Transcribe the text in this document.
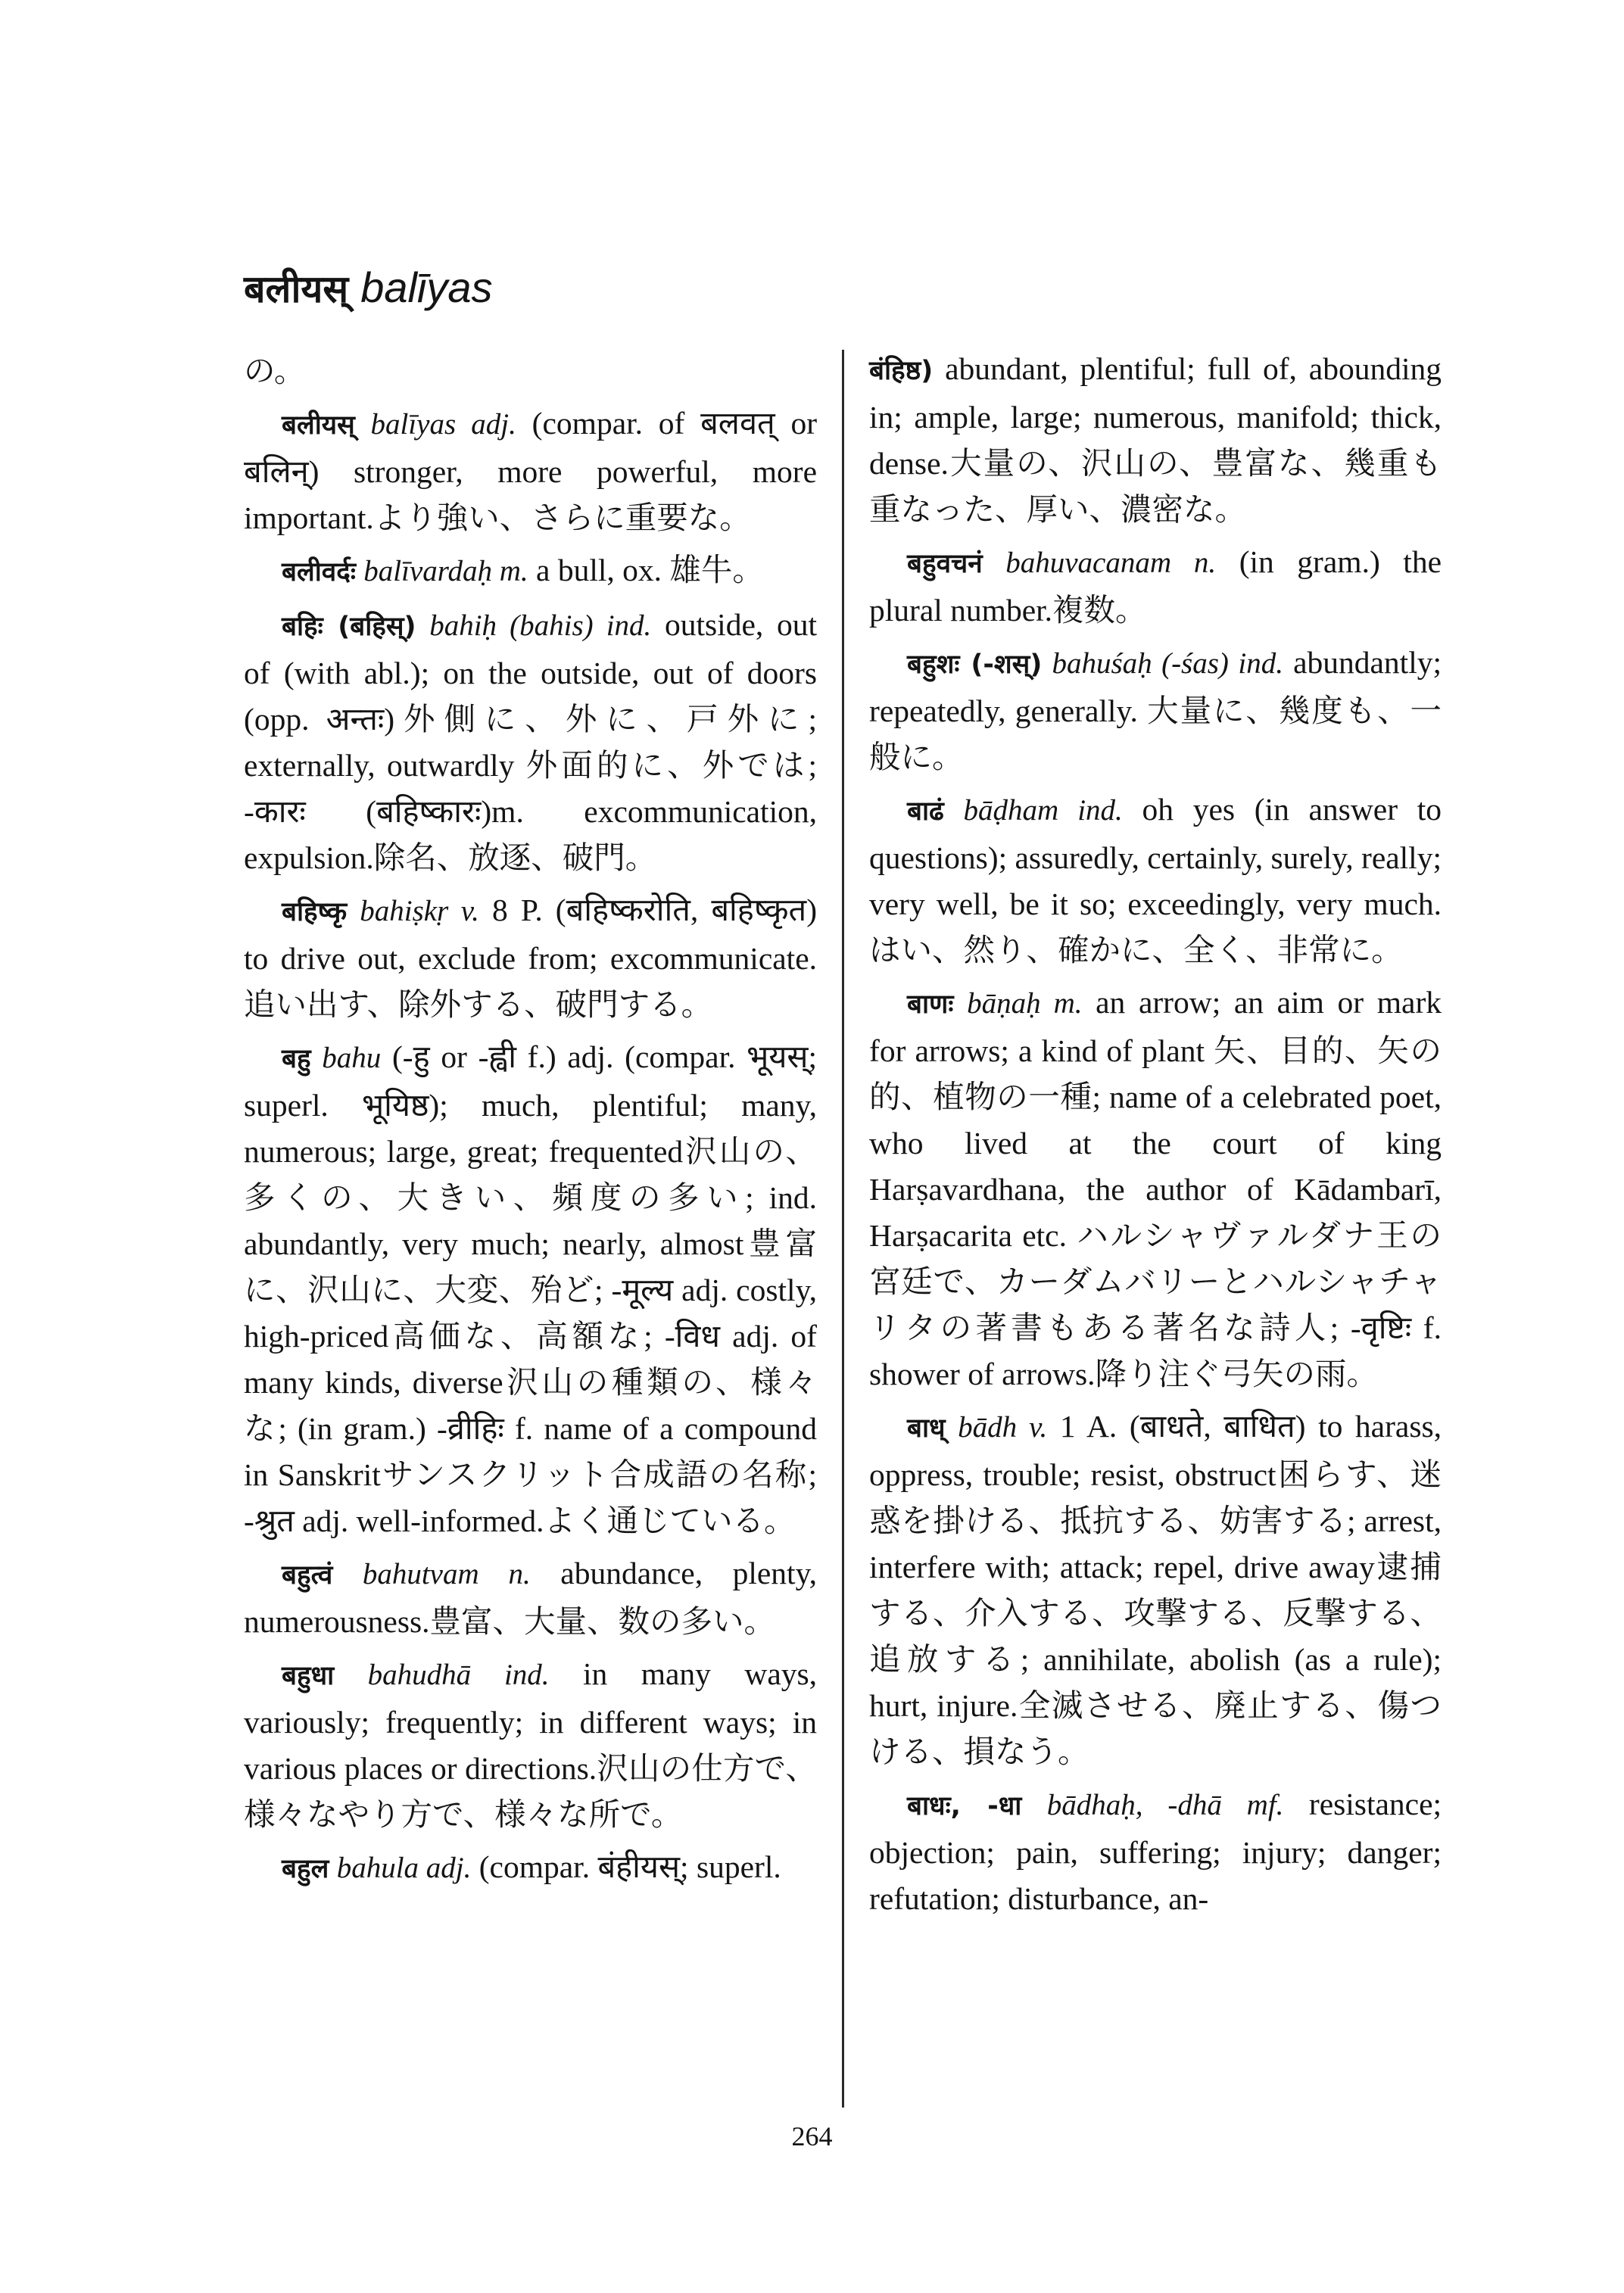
बलीयस् balīyas

の。

बलीयस् balīyas adj. (compar. of बलवत् or बलिन्) stronger, more powerful, more important.より強い、さらに重要な。

बलीवर्दः balīvardaḥ m. a bull, ox. 雄牛。

बहिः (बहिस्) bahiḥ (bahis) ind. outside, out of (with abl.); on the outside, out of doors (opp. अन्तः)外側に、外に、戸外に; externally, outwardly 外面的に、外では; -कारः (बहिष्कारः)m. excommunication, expulsion.除名、放逐、破門。

बहिष्कृ bahiṣkṛ v. 8 P. (बहिष्करोति, बहिष्कृत) to drive out, exclude from; excommunicate.追い出す、除外する、破門する。

बहु bahu (-हु or -ह्वी f.) adj. (compar. भूयस्; superl. भूयिष्ठ); much, plentiful; many, numerous; large, great; frequented沢山の、多くの、大きい、頻度の多い; ind. abundantly, very much; nearly, almost豊富に、沢山に、大変、殆ど; -मूल्य adj. costly, high-priced高価な、高額な; -विध adj. of many kinds, diverse沢山の種類の、様々な; (in gram.) -व्रीहिः f. name of a compound in Sanskritサンスクリット合成語の名称; -श्रुत adj. well-informed.よく通じている。

बहुत्वं bahutvam n. abundance, plenty, numerousness.豊富、大量、数の多い。

बहुधा bahudhā ind. in many ways, variously; frequently; in different ways; in various places or directions.沢山の仕方で、様々なやり方で、様々な所で。

बहुल bahula adj. (compar. बंहीयस्; superl.

बंहिष्ठ) abundant, plentiful; full of, abounding in; ample, large; numerous, manifold; thick, dense.大量の、沢山の、豊富な、幾重も重なった、厚い、濃密な。

बहुवचनं bahuvacanam n. (in gram.) the plural number.複数。

बहुशः (-शस्) bahuśaḥ (-śas) ind. abundantly; repeatedly, generally. 大量に、幾度も、一般に。

बाढं bāḍham ind. oh yes (in answer to questions); assuredly, certainly, surely, really; very well, be it so; exceedingly, very much.はい、然り、確かに、全く、非常に。

बाणः bāṇaḥ m. an arrow; an aim or mark for arrows; a kind of plant 矢、目的、矢の的、植物の一種; name of a celebrated poet, who lived at the court of king Harṣavardhana, the author of Kādambarī, Harṣacarita etc. ハルシャヴァルダナ王の宮廷で、カーダムバリーとハルシャチャリタの著書もある著名な詩人; -वृष्टिः f. shower of arrows.降り注ぐ弓矢の雨。

बाध् bādh v. 1 A. (बाधते, बाधित) to harass, oppress, trouble; resist, obstruct困らす、迷惑を掛ける、抵抗する、妨害する; arrest, interfere with; attack; repel, drive away逮捕する、介入する、攻撃する、反撃する、追放する; annihilate, abolish (as a rule); hurt, injure.全滅させる、廃止する、傷つける、損なう。

बाधः, -धा bādhaḥ, -dhā mf. resistance; objection; pain, suffering; injury; danger; refutation; disturbance, an-

264
